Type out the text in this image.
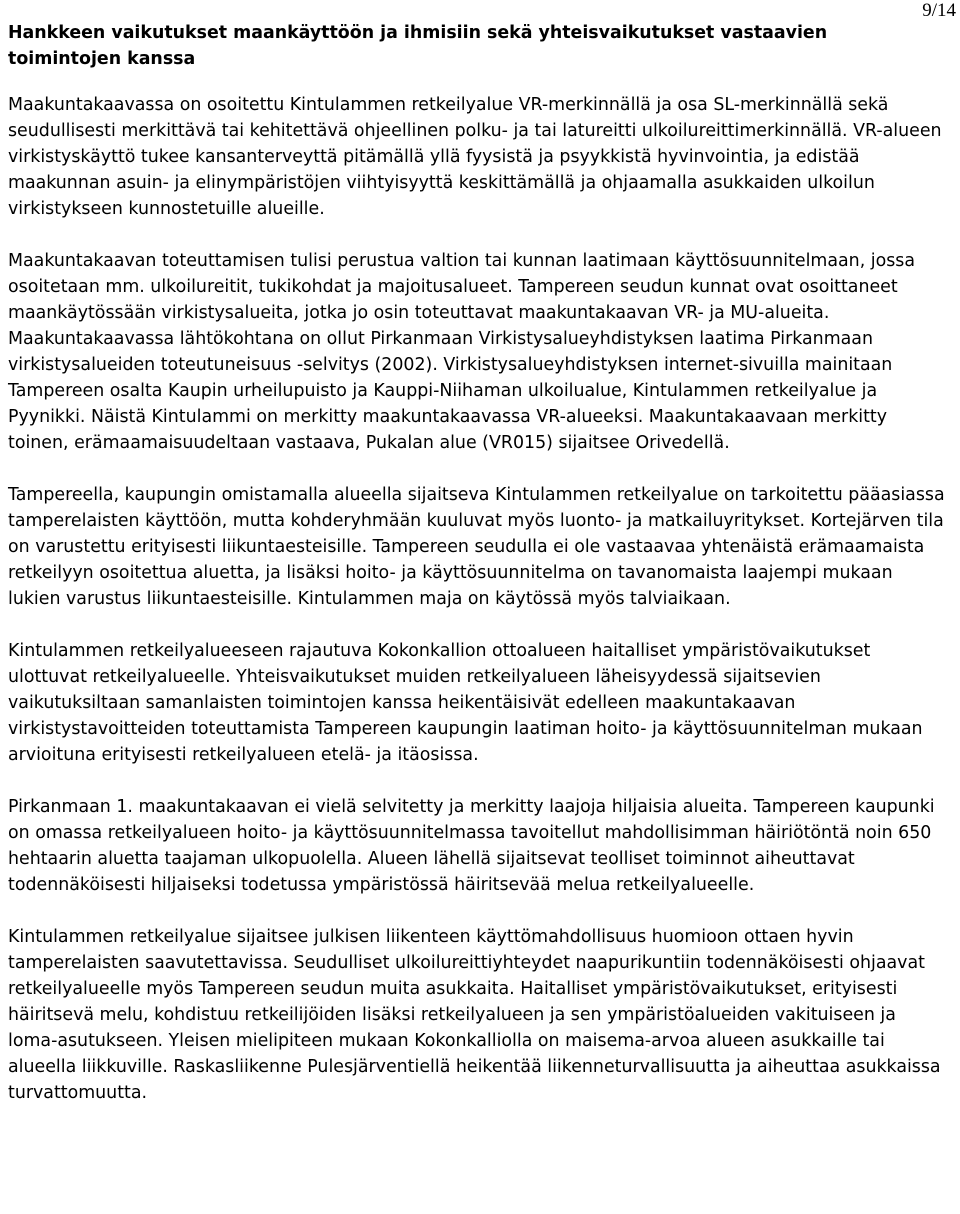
9/14
Hankkeen vaikutukset maankäyttöön ja ihmisiin sekä yhteisvaikutukset vastaavien toimintojen kanssa

Maakuntakaavassa on osoitettu Kintulammen retkeilyalue VR-merkinnällä ja osa SL-merkinnällä sekä seudullisesti merkittävä tai kehitettävä ohjeellinen polku- ja tai latureitti ulkoilureittimerkinnällä. VR-alueen virkistyskäyttö tukee kansanterveyttä pitämällä yllä fyysistä ja psyykkistä hyvinvointia, ja edistää maakunnan asuin- ja elinympäristöjen viihtyisyyttä keskittämällä ja ohjaamalla asukkaiden ulkoilun virkistykseen kunnostetuille alueille.

Maakuntakaavan toteuttamisen tulisi perustua valtion tai kunnan laatimaan käyttösuunnitelmaan, jossa osoitetaan mm. ulkoilureitit, tukikohdat ja majoitusalueet. Tampereen seudun kunnat ovat osoittaneet maankäytössään virkistysalueita, jotka jo osin toteuttavat maakuntakaavan VR- ja MU-alueita. Maakuntakaavassa lähtökohtana on ollut Pirkanmaan Virkistysalueyhdistyksen laatima Pirkanmaan virkistysalueiden toteutuneisuus -selvitys (2002). Virkistysalueyhdistyksen internet-sivuilla mainitaan Tampereen osalta Kaupin urheilupuisto ja Kauppi-Niihaman ulkoilualue, Kintulammen retkeilyalue ja Pyynikki. Näistä Kintulammi on merkitty maakuntakaavassa VR-alueeksi. Maakuntakaavaan merkitty toinen, erämaamaisuudeltaan vastaava, Pukalan alue (VR015) sijaitsee Orivedellä.

Tampereella, kaupungin omistamalla alueella sijaitseva Kintulammen retkeilyalue on tarkoitettu pääasiassa tamperelaisten käyttöön, mutta kohderyhmään kuuluvat myös luonto- ja matkailuyritykset. Kortejärven tila on varustettu erityisesti liikuntaesteisille. Tampereen seudulla ei ole vastaavaa yhtenäistä erämaamaista retkeilyyn osoitettua aluetta, ja lisäksi hoito- ja käyttösuunnitelma on tavanomaista laajempi mukaan lukien varustus liikuntaesteisille. Kintulammen maja on käytössä myös talviaikaan.

Kintulammen retkeilyalueeseen rajautuva Kokonkallion ottoalueen haitalliset ympäristövaikutukset ulottuvat retkeilyalueelle. Yhteisvaikutukset muiden retkeilyalueen läheisyydessä sijaitsevien vaikutuksiltaan samanlaisten toimintojen kanssa heikentäisivät edelleen maakuntakaavan virkistystavoitteiden toteuttamista Tampereen kaupungin laatiman hoito- ja käyttösuunnitelman mukaan arvioituna erityisesti retkeilyalueen etelä- ja itäosissa.

Pirkanmaan 1. maakuntakaavan ei vielä selvitetty ja merkitty laajoja hiljaisia alueita. Tampereen kaupunki on omassa retkeilyalueen hoito- ja käyttösuunnitelmassa tavoitellut mahdollisimman häiriötöntä noin 650 hehtaarin aluetta taajaman ulkopuolella. Alueen lähellä sijaitsevat teolliset toiminnot aiheuttavat todennäköisesti hiljaiseksi todetussa ympäristössä häiritsevää melua retkeilyalueelle.

Kintulammen retkeilyalue sijaitsee julkisen liikenteen käyttömahdollisuus huomioon ottaen hyvin tamperelaisten saavutettavissa. Seudulliset ulkoilureittiyhteydet naapurikuntiin todennäköisesti ohjaavat retkeilyalueelle myös Tampereen seudun muita asukkaita. Haitalliset ympäristövaikutukset, erityisesti häiritsevä melu, kohdistuu retkeilijöiden lisäksi retkeilyalueen ja sen ympäristöalueiden vakituiseen ja loma-asutukseen. Yleisen mielipiteen mukaan Kokonkalliolla on maisema-arvoa alueen asukkaille tai alueella liikkuville. Raskasliikenne Pulesjärventiellä heikentää liikenneturvallisuutta ja aiheuttaa asukkaissa turvattomuutta.
